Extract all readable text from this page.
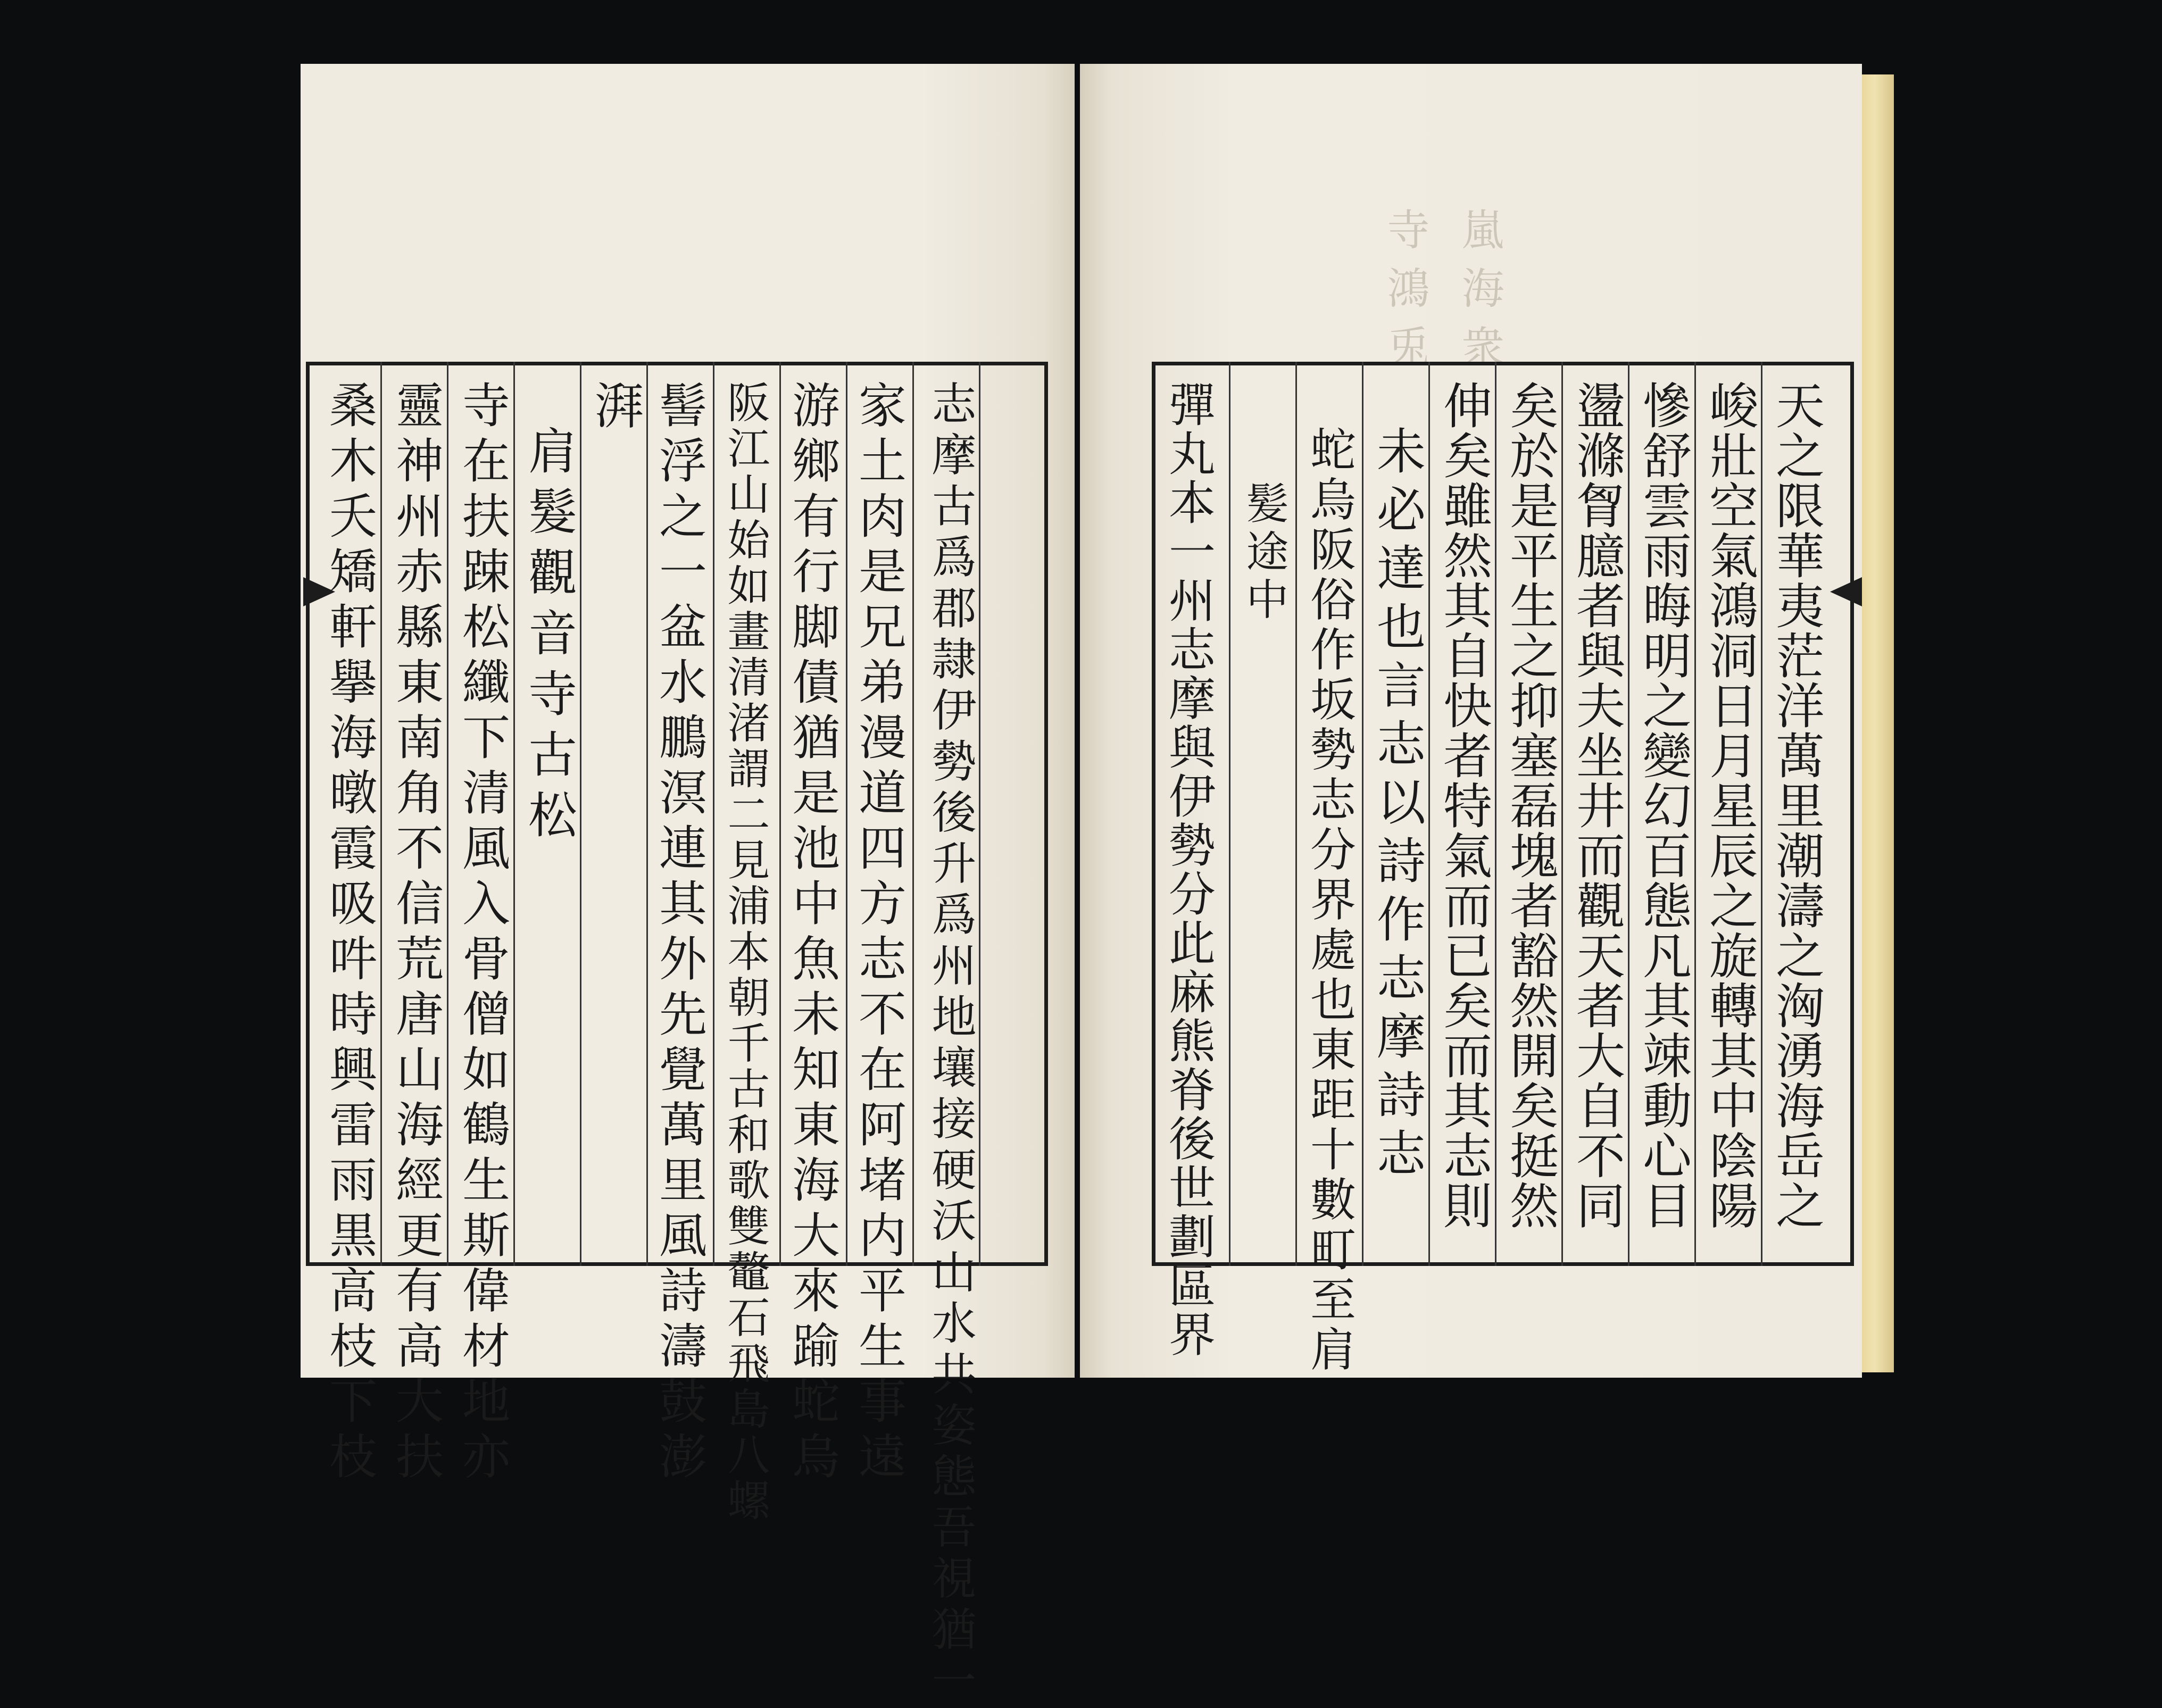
寺鴻兎 嵐海衆
志摩古爲郡隷伊勢後升爲州地壤接硬沃山水共姿態吾視猶一
家土肉是兄弟漫道四方志不在阿堵内平生事遠
游鄉有行脚債猶是池中魚未知東海大來踰蛇烏
阪江山始如畫清渚謂二見浦本朝千古和歌雙鼇石飛島八螺
髻浮之一盆水鵬溟連其外先覺萬里風詩濤鼓澎
湃
肩髮觀音寺古松
寺在扶踈松纖下清風入骨僧如鶴生斯偉材地亦
靈神州赤縣東南角不信荒唐山海經更有高大扶
桑木夭矯軒擧海暾霞吸吽時興雷雨黒高枝下枝	天之限華夷茫洋萬里潮濤之洶湧海岳之
峻壯空氣鴻洞日月星辰之旋轉其中陰陽
慘舒雲雨晦明之變幻百態凡其竦動心目
盪滌胷臆者與夫坐井而觀天者大自不同
矣於是平生之抑塞磊塊者豁然開矣挺然
伸矣雖然其自快者特氣而已矣而其志則
未必達也言志以詩作志摩詩志
蛇烏阪俗作坂勢志分界處也東距十數町至肩
髪途中
彈丸本一州志摩與伊勢分此麻熊脊後世劃區界
